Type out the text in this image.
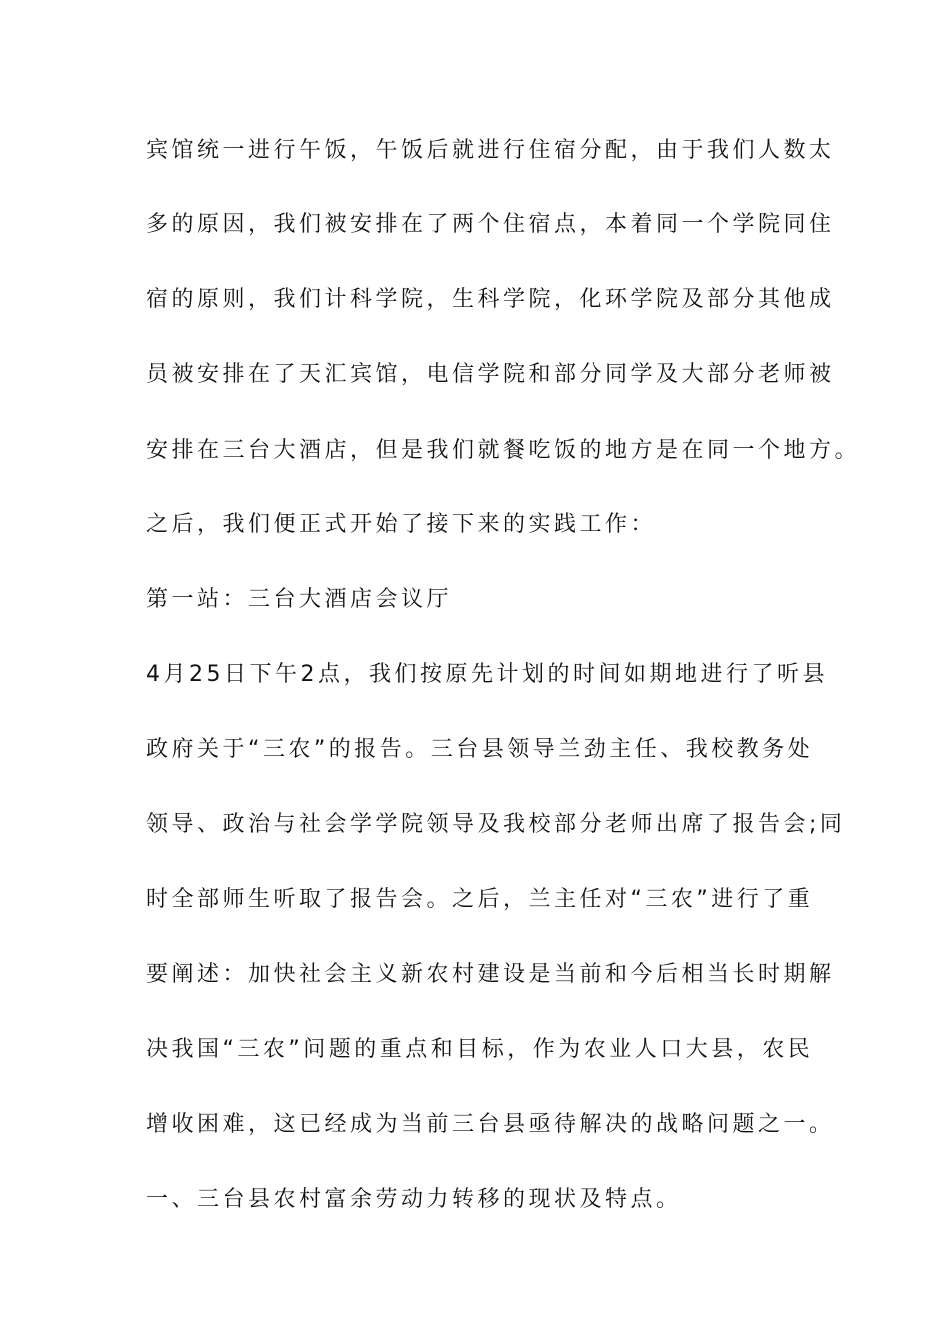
宾馆统一进行午饭，午饭后就进行住宿分配，由于我们人数太

多的原因，我们被安排在了两个住宿点，本着同一个学院同住

宿的原则，我们计科学院，生科学院，化环学院及部分其他成

员被安排在了天汇宾馆，电信学院和部分同学及大部分老师被

安排在三台大酒店，但是我们就餐吃饭的地方是在同一个地方。

之后，我们便正式开始了接下来的实践工作：

第一站：三台大酒店会议厅

4月25日下午2点，我们按原先计划的时间如期地进行了听县

政府关于“三农”的报告。三台县领导兰劲主任、我校教务处

领导、政治与社会学学院领导及我校部分老师出席了报告会;同

时全部师生听取了报告会。之后，兰主任对“三农”进行了重

要阐述：加快社会主义新农村建设是当前和今后相当长时期解

决我国“三农”问题的重点和目标，作为农业人口大县，农民

增收困难，这已经成为当前三台县亟待解决的战略问题之一。

一、三台县农村富余劳动力转移的现状及特点。
